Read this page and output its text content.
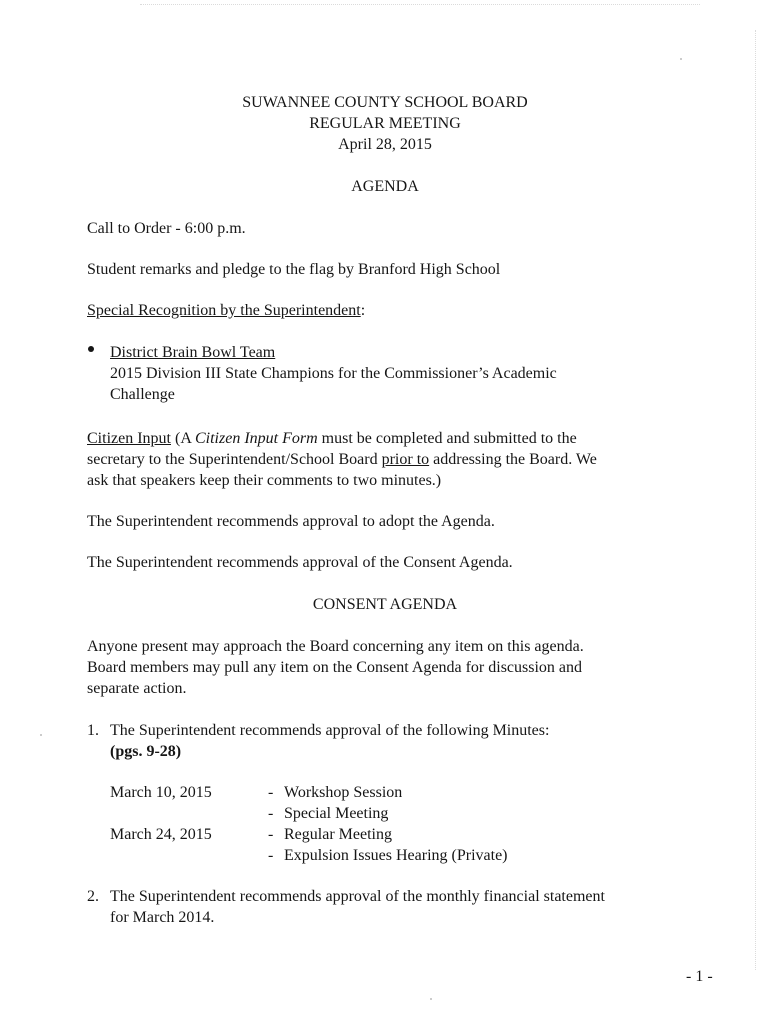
SUWANNEE COUNTY SCHOOL BOARD
REGULAR MEETING
April 28, 2015
AGENDA
Call to Order - 6:00 p.m.
Student remarks and pledge to the flag by Branford High School
Special Recognition by the Superintendent:
District Brain Bowl Team
2015 Division III State Champions for the Commissioner’s Academic
Challenge
Citizen Input (A Citizen Input Form must be completed and submitted to the
secretary to the Superintendent/School Board prior to addressing the Board. We
ask that speakers keep their comments to two minutes.)
The Superintendent recommends approval to adopt the Agenda.
The Superintendent recommends approval of the Consent Agenda.
CONSENT AGENDA
Anyone present may approach the Board concerning any item on this agenda.
Board members may pull any item on the Consent Agenda for discussion and
separate action.
1. The Superintendent recommends approval of the following Minutes:
(pgs. 9-28)
March 10, 2015	- Workshop Session
- Special Meeting
March 24, 2015	- Regular Meeting
- Expulsion Issues Hearing (Private)
2. The Superintendent recommends approval of the monthly financial statement
for March 2014.
- 1 -
